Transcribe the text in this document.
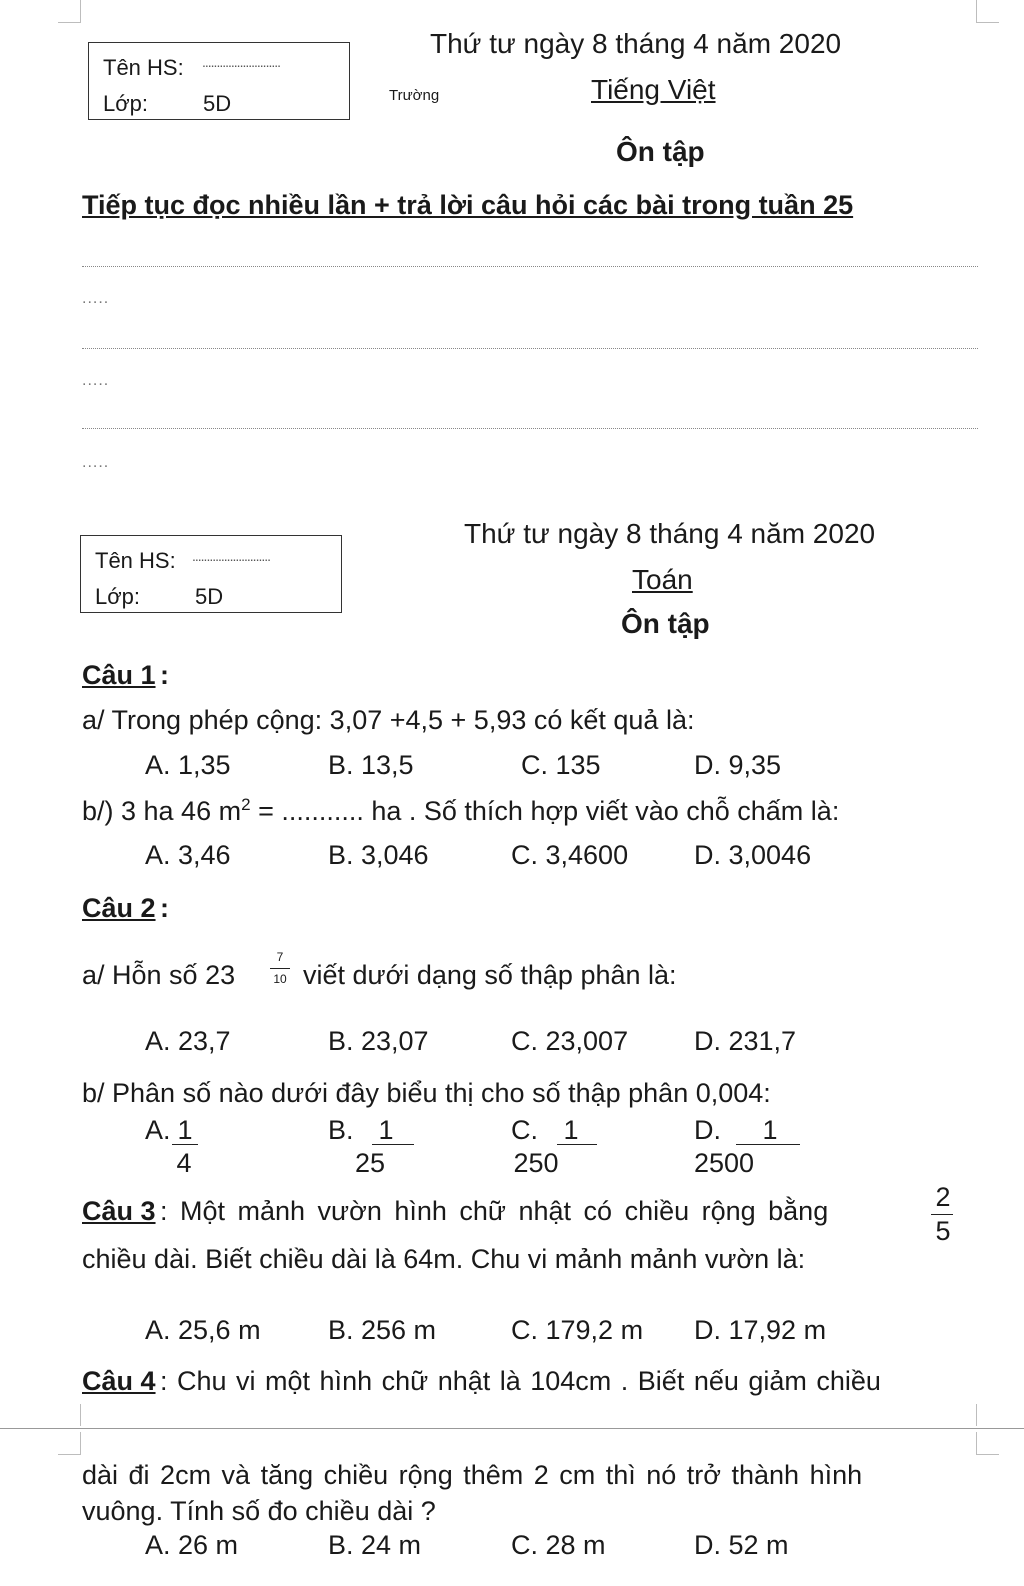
Tên HS: ...........................
Lớp: 5D	Trường
Thứ tư ngày 8 tháng 4 năm 2020
Tiếng Việt
Ôn tập
Tiếp tục đọc nhiều lần + trả lời câu hỏi các bài trong tuần 25
.....
.....
.....
Tên HS: ...........................
Lớp: 5D
Thứ tư ngày 8 tháng 4 năm 2020
Toán
Ôn tập
Câu 1 :
a/ Trong phép cộng: 3,07 +4,5 + 5,93 có kết quả là:
A. 1,35	B. 13,5	C. 135	D. 9,35
b/) 3 ha 46 $m^2$ = ........... ha . Số thích hợp viết vào chỗ chấm là:
A. 3,46	B. 3,046	C. 3,4600 D. 3,0046
Câu 2 :
a/ Hỗn số 23
7
10 viết dưới dạng số thập phân là:
A. 23,7	B. 23,07	C. 23,007 D. 231,7
b/ Phân số nào dưới đây biểu thị cho số thập phân 0,004:
A. 1
4
B. 1
25
C. 1
250
D. 1
2500
Câu 3 : Một mảnh vườn hình chữ nhật có chiều rộng bằng	2
5
chiều dài. Biết chiều dài là 64m. Chu vi mảnh mảnh vườn là:
A. 25,6 m B. 256 m	C. 179,2 m D. 17,92 m
Câu 4 : Chu vi một hình chữ nhật là 104cm . Biết nếu giảm chiều
dài đi 2cm và tăng chiều rộng thêm 2 cm thì nó trở thành hình
vuông. Tính số đo chiều dài ?
A. 26 m	B. 24 m	C. 28 m	D. 52 m
